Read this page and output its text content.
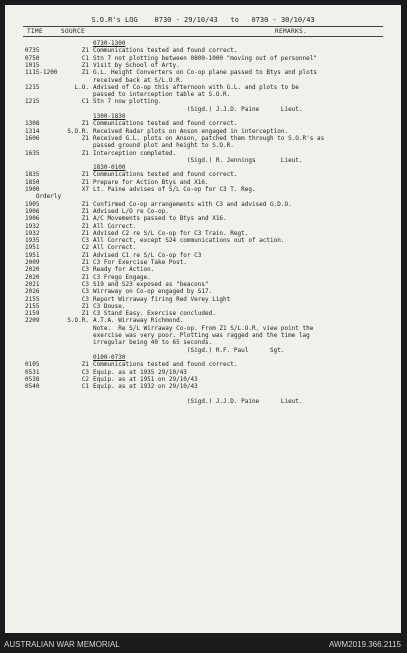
S.O.R's LOG    0730 - 29/10/43   to   0730 - 30/10/43
TIME	SOURCE	REMARKS.
0730-1300
0735	Z1 Communications tested and found correct.
0750	C1 Stn 7 not plotting between 0800-1000 "moving out of personnel"
1015	Z1 Visit by School of Arty.
1115-1200	Z1 G.L. Height Converters on Co-op plane passed to Btys and plots
received back at S/L.O.R.
1215	L.O. Advised of Co-op this afternoon with G.L. and plots to be
passed to interception table at S.O.R.
1215	C1 Stn 7 now plotting.
(Sigd.) J.J.D. Paine      Lieut.
1300-1830
1308	Z1 Communications tested and found correct.
1314	S.O.R. Received Radar plots on Anson engaged in interception.
1606	Z1 Received G.L. plots on Anson, patched them through to S.O.R's as
passed ground plot and height to S.O.R.
1635	Z1 Interception completed.
(Sigd.) R. Jennings       Lieut.
1830-0100
1835	Z1 Communications tested and found correct.
1850	Z1 Prepare for Action Btys and X16.
1900	X7 Lt. Paine advises of S/L Co-op for C3 T. Reg.
Orderly
1905	Z1 Confirmed Co-op arrangements with C3 and advised G.D.O.
1906	Z1 Advised L/O re Co-op.
1906	Z1 A/C Movements passed to Btys and X16.
1932	Z1 All Correct.
1932	Z1 Advised C2 re S/L Co-op for C3 Train. Regt.
1935	C3 All Correct, except S24 communications out of action.
1951	C2 All Correct.
1951	Z1 Advised C1 re S/L Co-op for C3
2009	Z1 C3 For Exercise Take Post.
2020	C3 Ready for Action.
2020	Z1 C3 Frego Engage.
2021	C3 S19 and S23 exposed as "beacons"
2026	C3 Wirraway on Co-op engaged by S17.
2155	C3 Report Wirraway firing Red Verey Light
2155	Z1 C3 Douse.
2159	Z1 C3 Stand Easy. Exercise concluded.
2209	S.O.R. A.T.A. Wirraway Richmond.
Note.  Re S/L Wirraway Co-op. From Z1 S/L.O.R. view point the
exercise was very poor. Plotting was ragged and the time lag
irregular being 40 to 65 seconds.
(Sigd.) R.F. Paul      Sgt.
0100-0730
0105	Z1 Communications tested and found correct.
0531	C3 Equip. as at 1935 29/10/43
0538	C2 Equip. as at 1951 on 29/10/43
0540	C1 Equip. as at 1932 on 29/10/43
(Sigd.) J.J.D. Paine      Lieut.
AUSTRALIAN WAR MEMORIAL	AWM2019.366.2115
